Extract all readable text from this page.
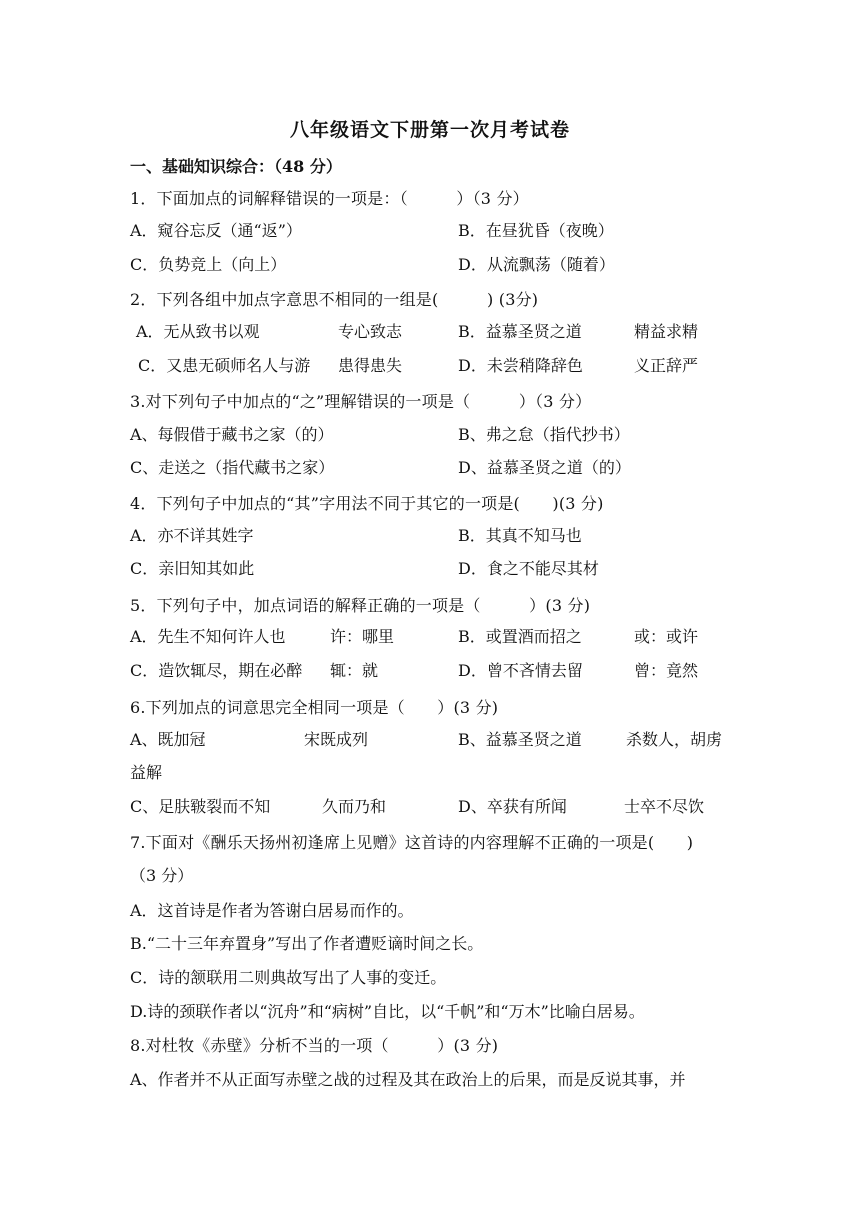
八年级语文下册第一次月考试卷
一、基础知识综合：（48 分）
1．下面加点的词解释错误的一项是：（　　　）（3 分）
A．窥谷忘反（通“返”）	B．在昼犹昏（夜晚）
C．负势竞上（向上）	D．从流飘荡（随着）
2．下列各组中加点字意思不相同的一组是(　　　) (3分)
A．无从致书以观	专心致志	B．益慕圣贤之道	精益求精
C．又患无硕师名人与游 患得患失	D．未尝稍降辞色	义正辞严
3.对下列句子中加点的“之”理解错误的一项是（　　　）（3 分）
A、每假借于藏书之家（的）	B、弗之怠（指代抄书）
C、走送之（指代藏书之家）	D、益慕圣贤之道（的）
4．下列句子中加点的“其”字用法不同于其它的一项是(　　)(3 分)
A．亦不详其姓字	B．其真不知马也
C．亲旧知其如此	D．食之不能尽其材
5．下列句子中，加点词语的解释正确的一项是（　　　）(3 分)
A．先生不知何许人也	许：哪里	B．或置酒而招之	或：或许
C．造饮辄尽，期在必醉 辄：就	D．曾不吝情去留	曾：竟然
6.下列加点的词意思完全相同一项是（　　）(3 分)
A、既加冠	宋既成列	B、益慕圣贤之道	杀数人，胡虏
益解
C、足肤皲裂而不知	久而乃和	D、卒获有所闻	士卒不尽饮
7.下面对《酬乐天扬州初逢席上见赠》这首诗的内容理解不正确的一项是(　　)
（3 分）
A．这首诗是作者为答谢白居易而作的。
B.“二十三年弃置身”写出了作者遭贬谪时间之长。
C．诗的颔联用二则典故写出了人事的变迁。
D.诗的颈联作者以“沉舟”和“病树”自比，以“千帆”和“万木”比喻白居易。
8.对杜牧《赤壁》分析不当的一项（　　　）(3 分)
A、作者并不从正面写赤壁之战的过程及其在政治上的后果，而是反说其事，并
